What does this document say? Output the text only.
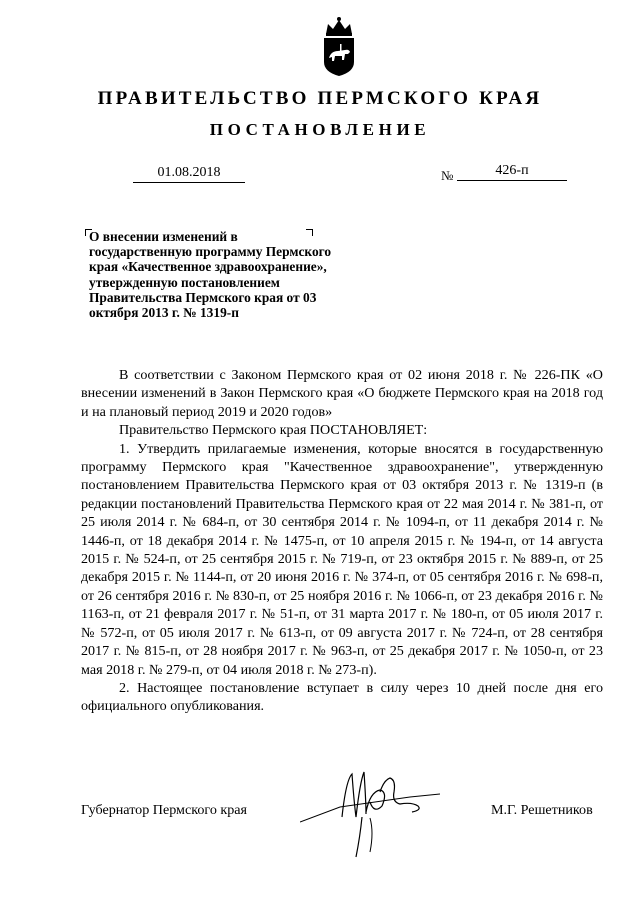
ПРАВИТЕЛЬСТВО ПЕРМСКОГО КРАЯ
ПОСТАНОВЛЕНИЕ
01.08.2018	№	426-п
О внесении изменений в государственную программу Пермского края «Качественное здравоохранение», утвержденную постановлением Правительства Пермского края от 03 октября 2013 г. № 1319-п

В соответствии с Законом Пермского края от 02 июня 2018 г. № 226-ПК «О внесении изменений в Закон Пермского края «О бюджете Пермского края на 2018 год и на плановый период 2019 и 2020 годов»

Правительство Пермского края ПОСТАНОВЛЯЕТ:

1. Утвердить прилагаемые изменения, которые вносятся в государственную программу Пермского края "Качественное здравоохранение", утвержденную постановлением Правительства Пермского края от 03 октября 2013 г. № 1319-п (в редакции постановлений Правительства Пермского края от 22 мая 2014 г. № 381-п, от 25 июля 2014 г. № 684-п, от 30 сентября 2014 г. № 1094-п, от 11 декабря 2014 г. № 1446-п, от 18 декабря 2014 г. № 1475-п, от 10 апреля 2015 г. № 194-п, от 14 августа 2015 г. № 524-п, от 25 сентября 2015 г. № 719-п, от 23 октября 2015 г. № 889-п, от 25 декабря 2015 г. № 1144-п, от 20 июня 2016 г. № 374-п, от 05 сентября 2016 г. № 698-п, от 26 сентября 2016 г. № 830-п, от 25 ноября 2016 г. № 1066-п, от 23 декабря 2016 г. № 1163-п, от 21 февраля 2017 г. № 51-п, от 31 марта 2017 г. № 180-п, от 05 июля 2017 г. № 572-п, от 05 июля 2017 г. № 613-п, от 09 августа 2017 г. № 724-п, от 28 сентября 2017 г. № 815-п, от 28 ноября 2017 г. № 963-п, от 25 декабря 2017 г. № 1050-п, от 23 мая 2018 г. № 279-п, от 04 июля 2018 г. № 273-п).

2. Настоящее постановление вступает в силу через 10 дней после дня его официального опубликования.

Губернатор Пермского края	М.Г. Решетников
